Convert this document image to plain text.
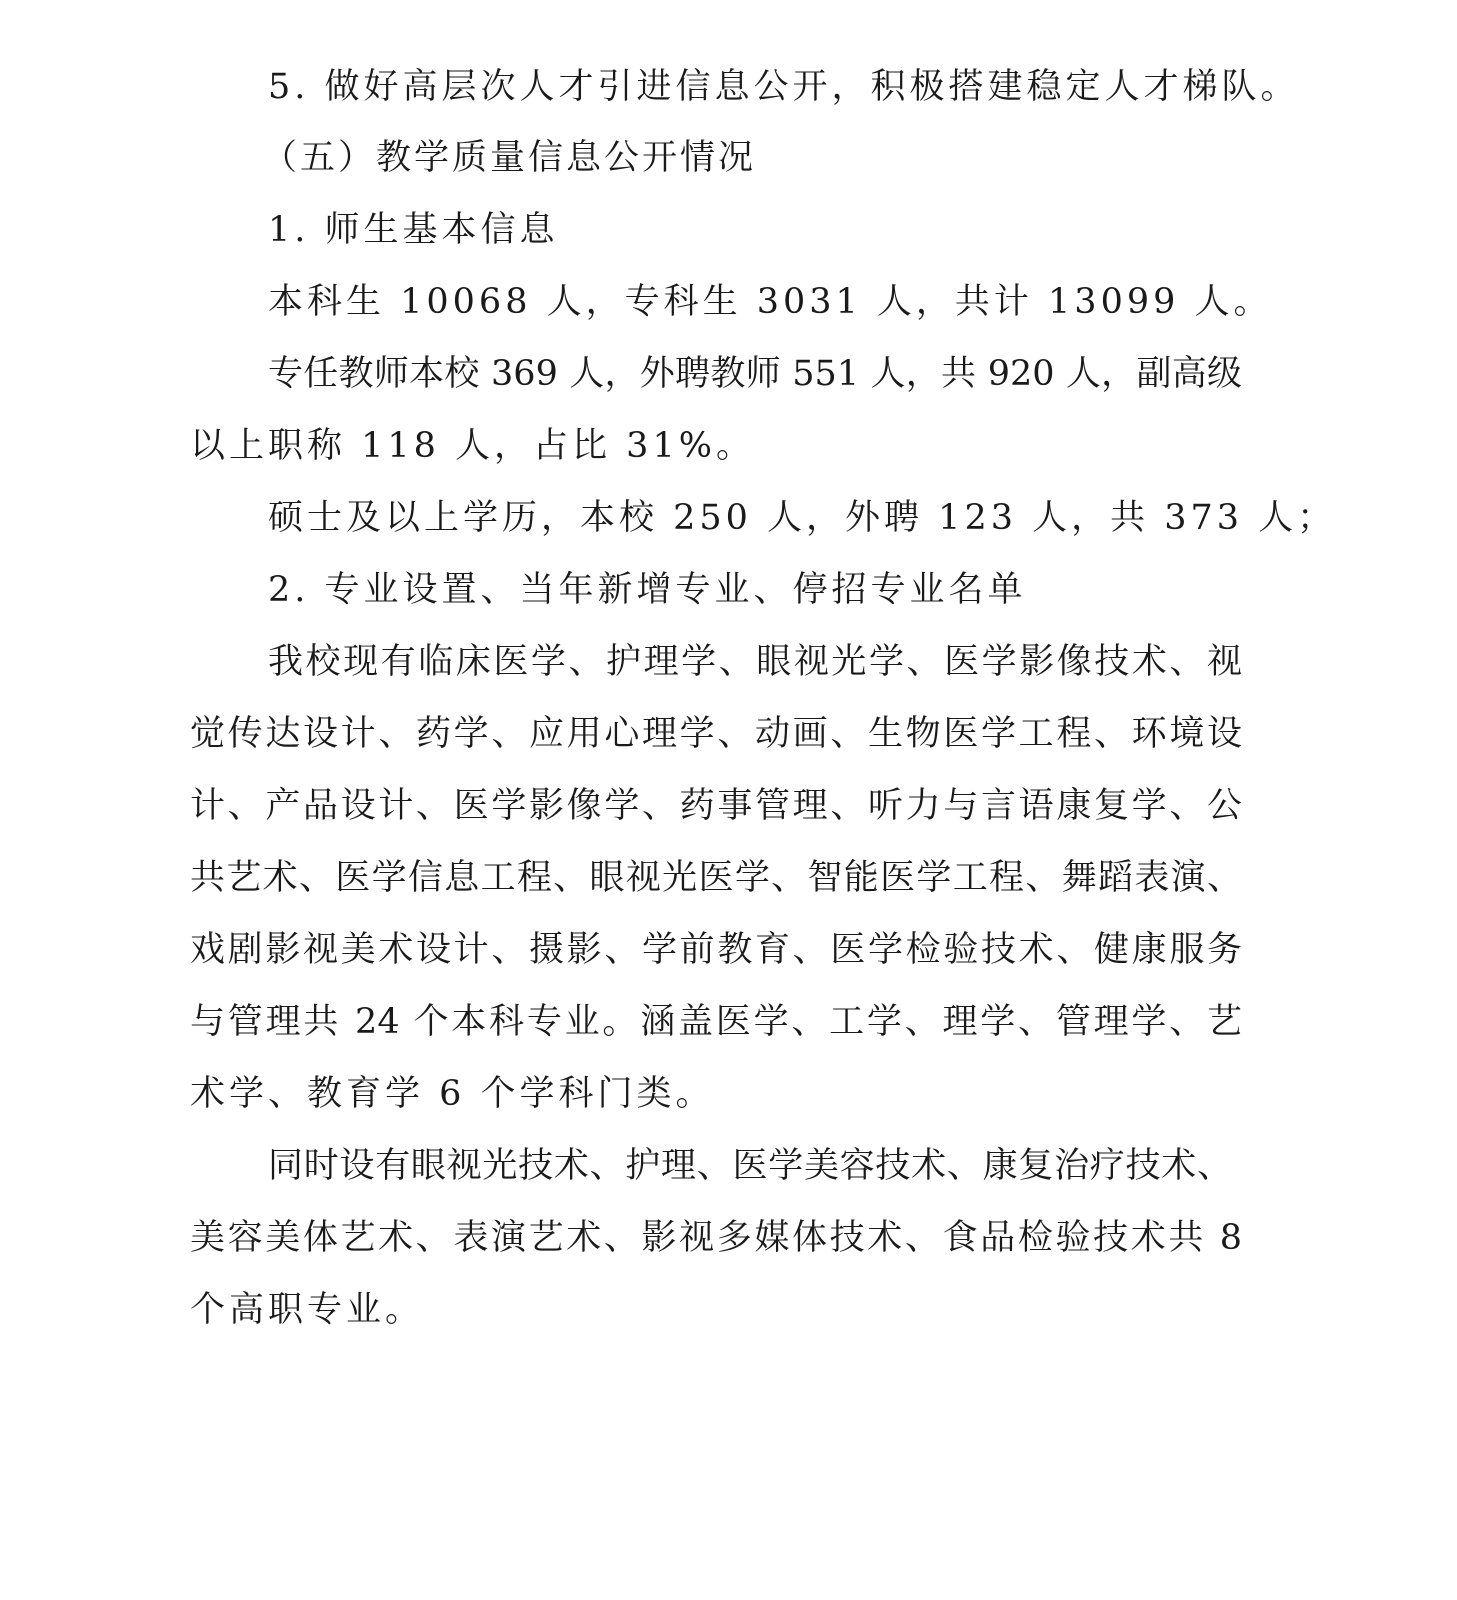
5. 做好高层次人才引进信息公开，积极搭建稳定人才梯队。

（五）教学质量信息公开情况

1. 师生基本信息

本科生 10068 人，专科生 3031 人，共计 13099 人。

专任教师本校 369 人，外聘教师 551 人，共 920 人，副高级

以上职称 118 人，占比 31%。

硕士及以上学历，本校 250 人，外聘 123 人，共 373 人；

2. 专业设置、当年新增专业、停招专业名单

我校现有临床医学、护理学、眼视光学、医学影像技术、视

觉传达设计、药学、应用心理学、动画、生物医学工程、环境设

计、产品设计、医学影像学、药事管理、听力与言语康复学、公

共艺术、医学信息工程、眼视光医学、智能医学工程、舞蹈表演、

戏剧影视美术设计、摄影、学前教育、医学检验技术、健康服务

与管理共 24 个本科专业。涵盖医学、工学、理学、管理学、艺

术学、教育学 6 个学科门类。

同时设有眼视光技术、护理、医学美容技术、康复治疗技术、

美容美体艺术、表演艺术、影视多媒体技术、食品检验技术共 8

个高职专业。
